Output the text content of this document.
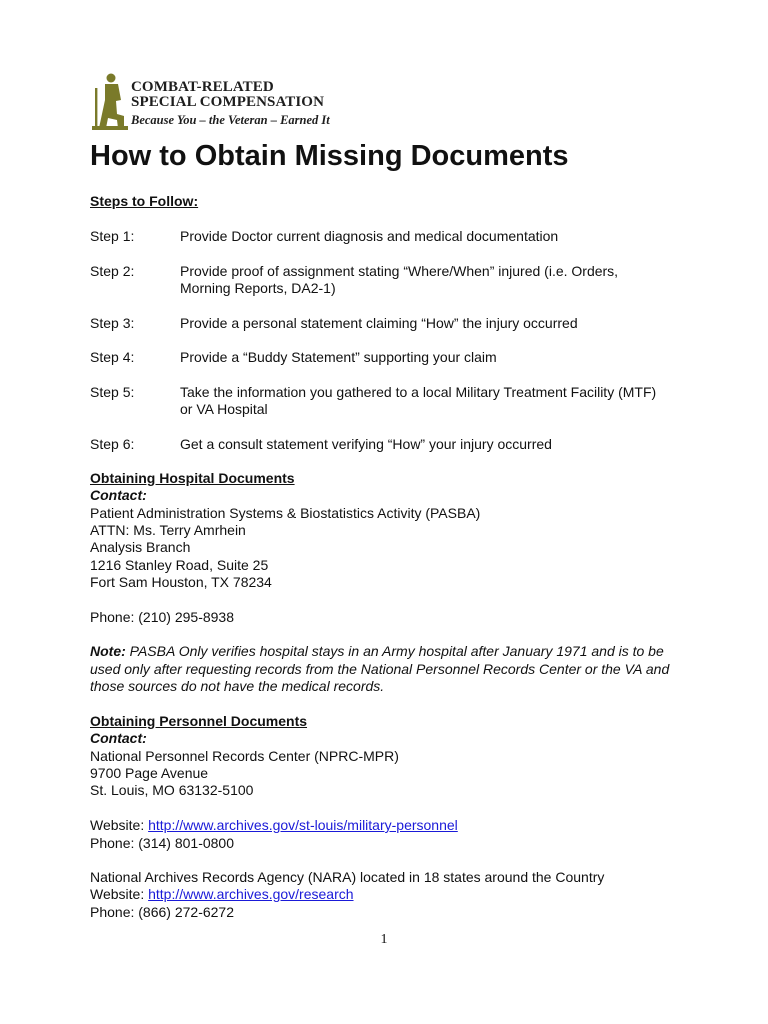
COMBAT-RELATED
SPECIAL COMPENSATION
Because You – the Veteran – Earned It
How to Obtain Missing Documents
Steps to Follow:
Step 1:	Provide Doctor current diagnosis and medical documentation
Step 2:	Provide proof of assignment stating “Where/When” injured (i.e. Orders, Morning Reports, DA2-1)
Step 3:	Provide a personal statement claiming “How” the injury occurred
Step 4:	Provide a “Buddy Statement” supporting your claim
Step 5:	Take the information you gathered to a local Military Treatment Facility (MTF) or VA Hospital
Step 6:	Get a consult statement verifying “How” your injury occurred
Obtaining Hospital Documents
Contact:
Patient Administration Systems & Biostatistics Activity (PASBA)
ATTN: Ms. Terry Amrhein
Analysis Branch
1216 Stanley Road, Suite 25
Fort Sam Houston, TX 78234
Phone: (210) 295-8938
Note: PASBA Only verifies hospital stays in an Army hospital after January 1971 and is to be used only after requesting records from the National Personnel Records Center or the VA and those sources do not have the medical records.
Obtaining Personnel Documents
Contact:
National Personnel Records Center (NPRC-MPR)
9700 Page Avenue
St. Louis, MO 63132-5100
Website: http://www.archives.gov/st-louis/military-personnel
Phone: (314) 801-0800
National Archives Records Agency (NARA) located in 18 states around the Country
Website: http://www.archives.gov/research
Phone: (866) 272-6272
1
